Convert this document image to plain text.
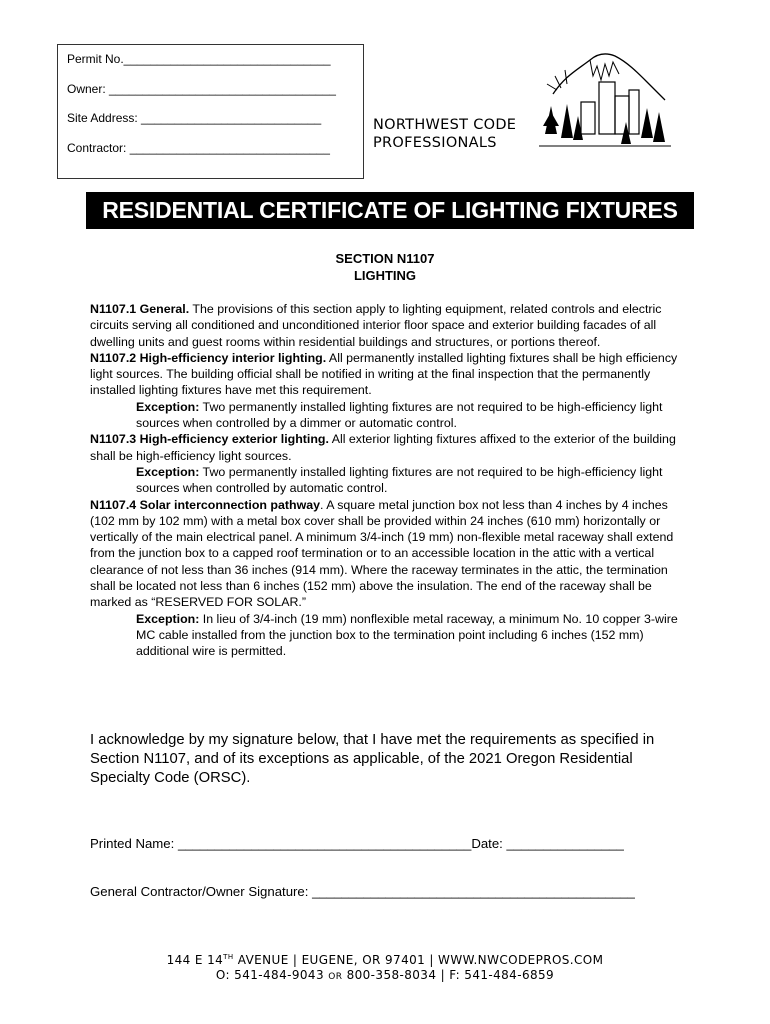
Permit No._______________________________
Owner: __________________________________
Site Address: ___________________________
Contractor: ______________________________
NORTHWEST CODE
PROFESSIONALS
RESIDENTIAL CERTIFICATE OF LIGHTING FIXTURES
SECTION N1107
LIGHTING

N1107.1 General. The provisions of this section apply to lighting equipment, related controls and electric circuits serving all conditioned and unconditioned interior floor space and exterior building facades of all dwelling units and guest rooms within residential buildings and structures, or portions thereof.

N1107.2 High-efficiency interior lighting. All permanently installed lighting fixtures shall be high efficiency light sources. The building official shall be notified in writing at the final inspection that the permanently installed lighting fixtures have met this requirement.

Exception: Two permanently installed lighting fixtures are not required to be high-efficiency light sources when controlled by a dimmer or automatic control.

N1107.3 High-efficiency exterior lighting. All exterior lighting fixtures affixed to the exterior of the building shall be high-efficiency light sources.

Exception: Two permanently installed lighting fixtures are not required to be high-efficiency light sources when controlled by automatic control.

N1107.4 Solar interconnection pathway. A square metal junction box not less than 4 inches by 4 inches (102 mm by 102 mm) with a metal box cover shall be provided within 24 inches (610 mm) horizontally or vertically of the main electrical panel. A minimum 3/4-inch (19 mm) non-flexible metal raceway shall extend from the junction box to a capped roof termination or to an accessible location in the attic with a vertical clearance of not less than 36 inches (914 mm). Where the raceway terminates in the attic, the termination shall be located not less than 6 inches (152 mm) above the insulation. The end of the raceway shall be marked as “RESERVED FOR SOLAR.”

Exception: In lieu of 3/4-inch (19 mm) nonflexible metal raceway, a minimum No. 10 copper 3-wire MC cable installed from the junction box to the termination point including 6 inches (152 mm) additional wire is permitted.

I acknowledge by my signature below, that I have met the requirements as specified in Section N1107, and of its exceptions as applicable, of the 2021 Oregon Residential Specialty Code (ORSC).
Printed Name: ________________________________________Date: ________________
General Contractor/Owner Signature: ____________________________________________
144 E 14TH AVENUE | EUGENE, OR 97401 | WWW.NWCODEPROS.COM
O: 541-484-9043 OR 800-358-8034 | F: 541-484-6859
